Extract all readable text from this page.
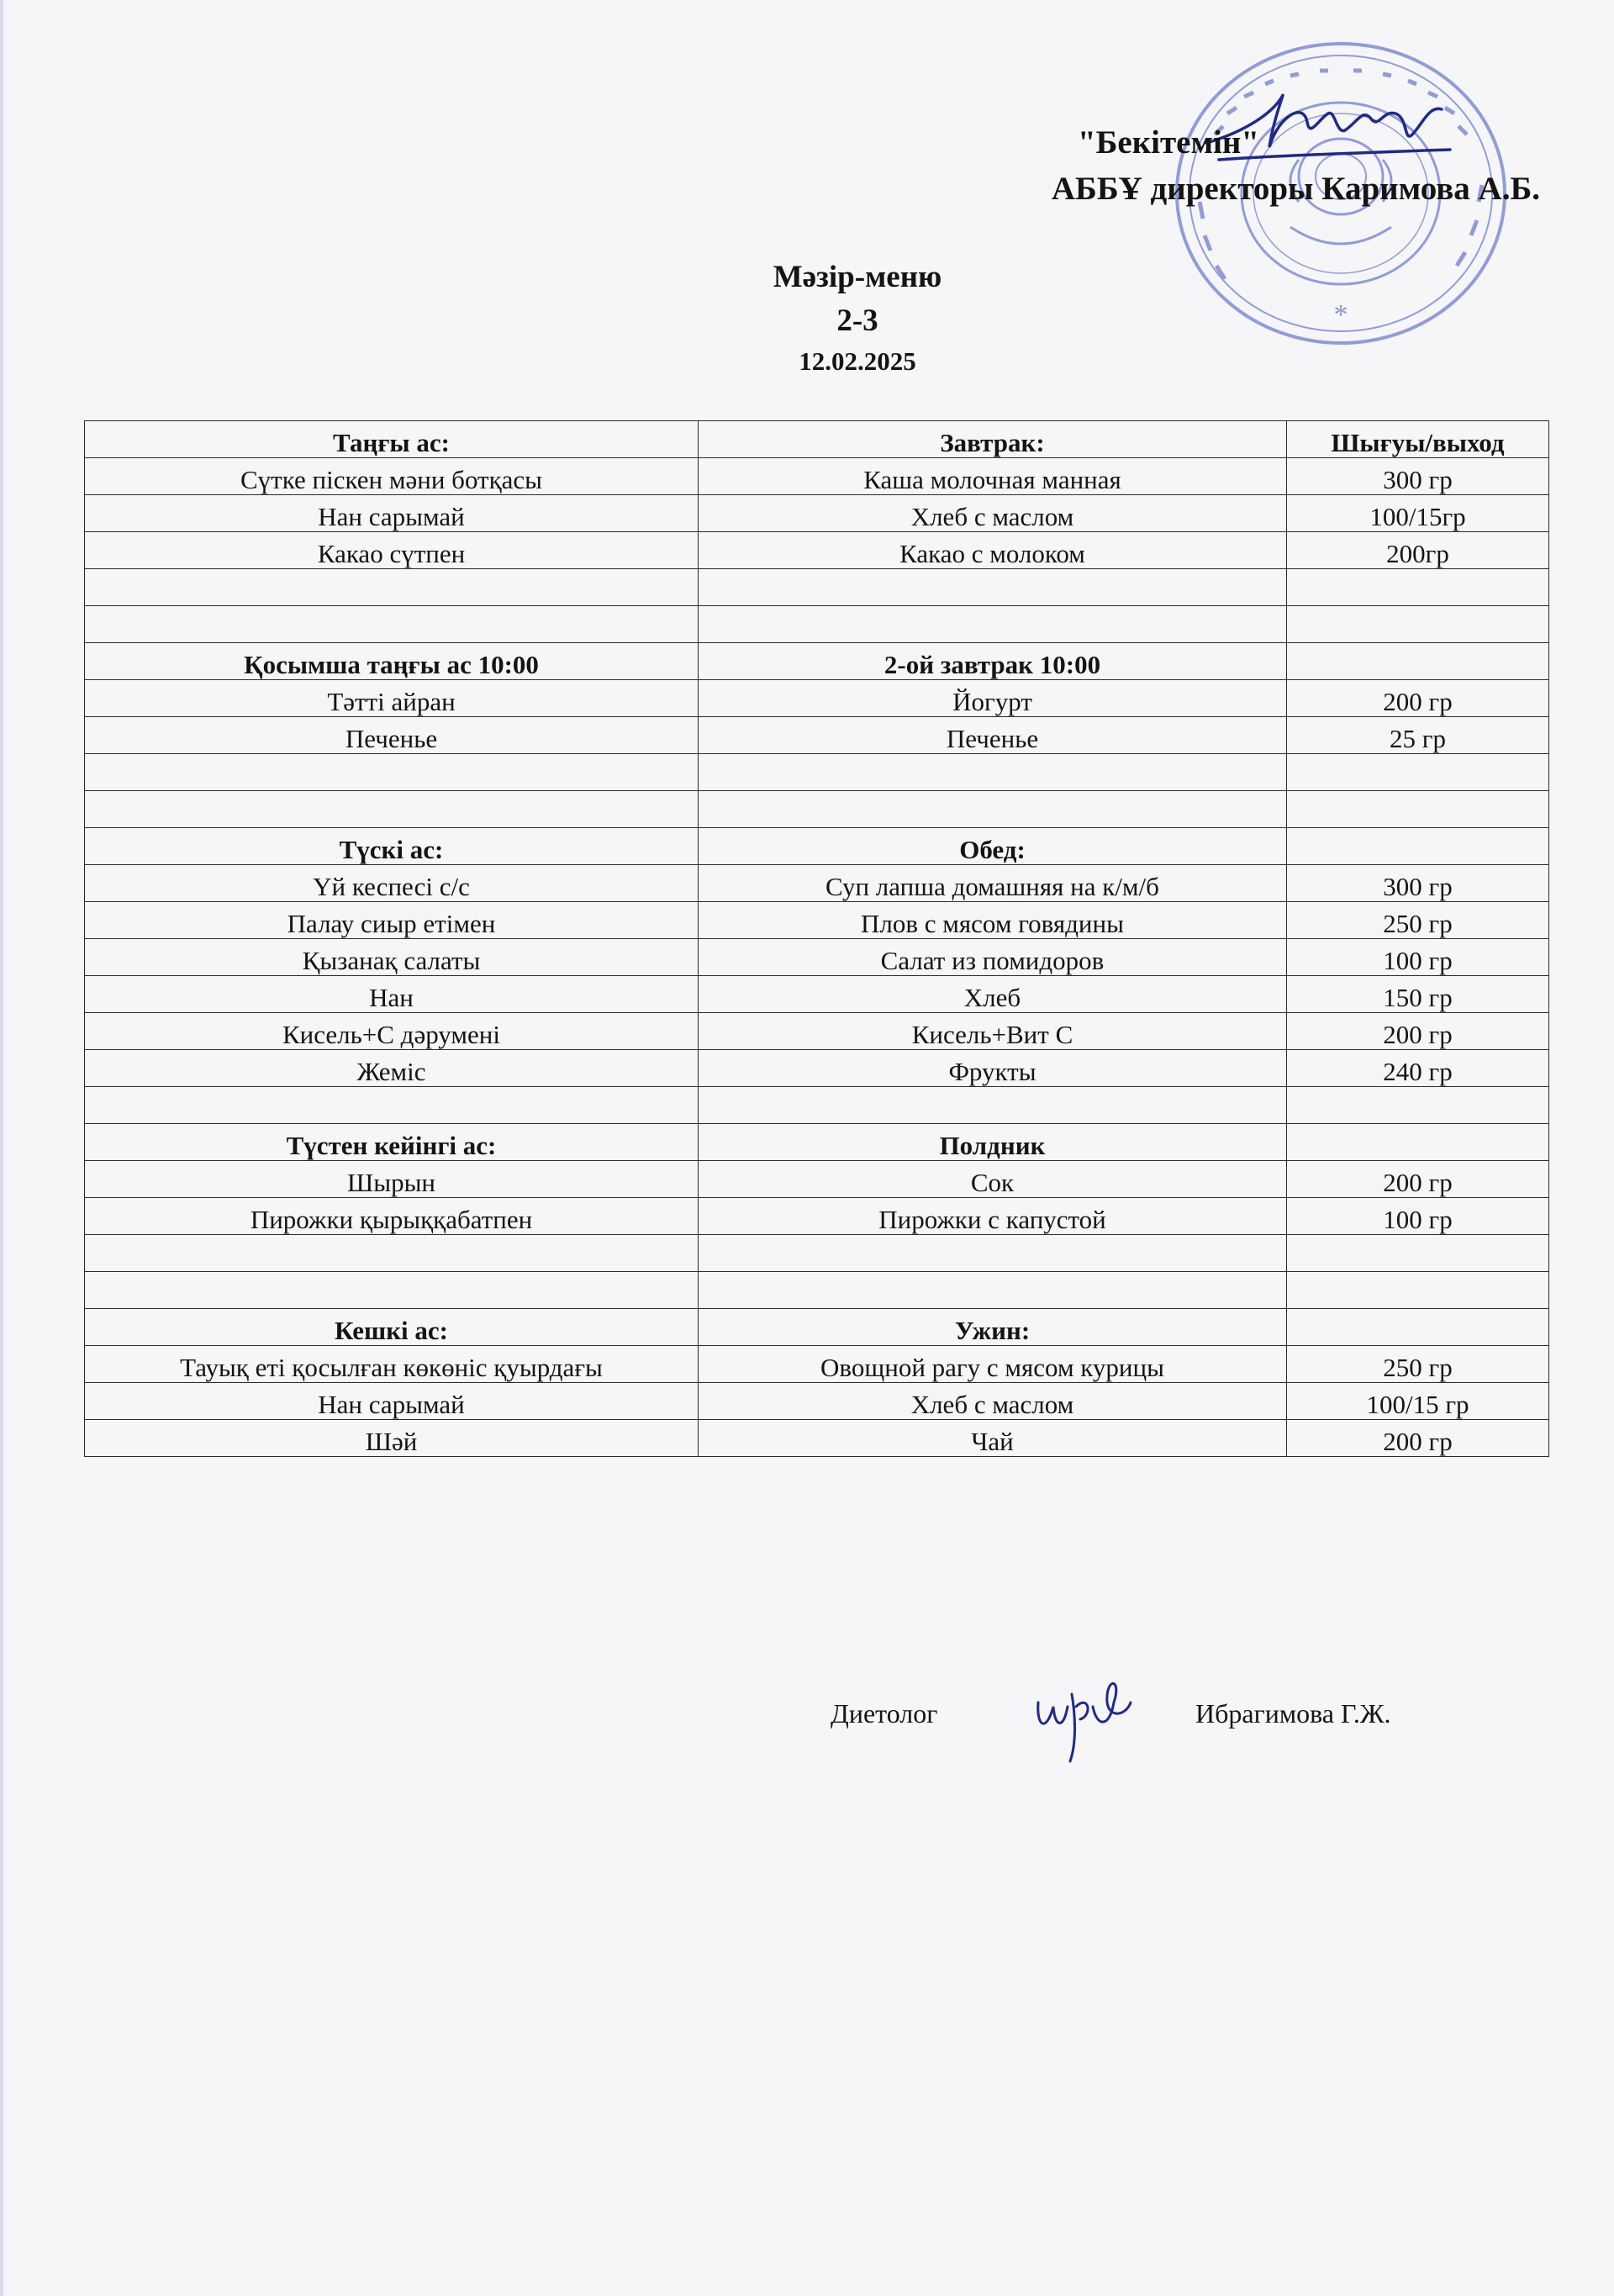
*
"Бекітемін"
АББҰ директоры Каримова А.Б.
Мәзір-меню
2-3
12.02.2025
Таңғы ас:	Завтрак:	Шығуы/выход
Сүтке піскен мәни ботқасы	Каша молочная манная	300 гр
Нан сарымай	Хлеб с маслом	100/15гр
Какао сүтпен	Какао с молоком	200гр

Қосымша таңғы ас 10:00	2-ой завтрак 10:00	
Тәтті айран	Йогурт	200 гр
Печенье	Печенье	25 гр

Түскі ас:	Обед:	
Үй кеспесі с/с	Суп лапша домашняя на к/м/б	300 гр
Палау сиыр етімен	Плов с мясом говядины	250 гр
Қызанақ салаты	Салат из помидоров	100 гр
Нан	Хлеб	150 гр
Кисель+С дәрумені	Кисель+Вит С	200 гр
Жеміс	Фрукты	240 гр

Түстен кейінгі ас:	Полдник	
Шырын	Сок	200 гр
Пирожки қырыққабатпен	Пирожки с капустой	100 гр

Кешкі ас:	Ужин:	
Тауық еті қосылған көкөніс қуырдағы	Овощной рагу с мясом курицы	250 гр
Нан сарымай	Хлеб с маслом	100/15 гр
Шәй	Чай	200 гр
Диетолог	Ибрагимова Г.Ж.
